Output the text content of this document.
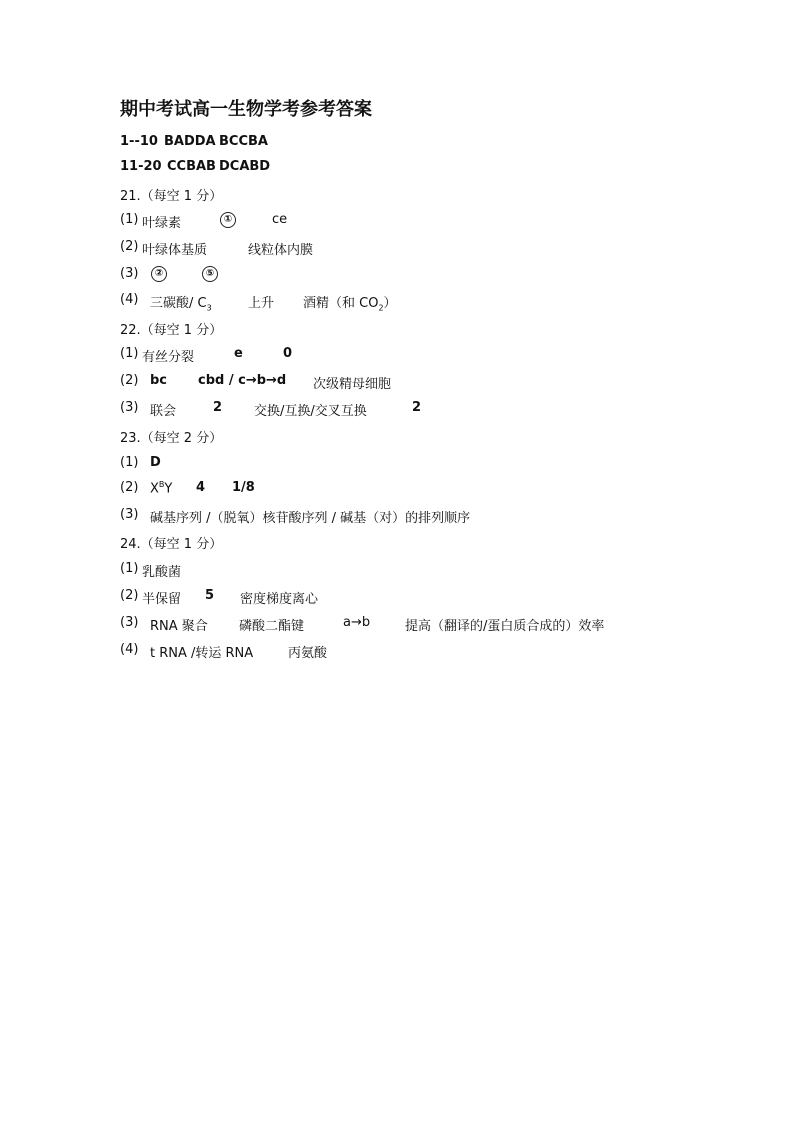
期中考试高一生物学考参考答案
1--10 BADDA BCCBA
11-20 CCBAB DCABD
21.（每空 1 分）
(1) 叶绿素	①	ce
(2) 叶绿体基质	线粒体内膜
(3)	②	⑤
(4) 三碳酸/ $C_3$	上升 酒精（和 $CO_2$）
22.（每空 1 分）
(1) 有丝分裂	e	0
(2) bc cbd / c→b→d 次级精母细胞
(3) 联会	2 交换/互换/交叉互换	2
23.（每空 2 分）
(1) D
(2) $X^BY$ 4 1/8
(3) 碱基序列 /（脱氧）核苷酸序列 / 碱基（对）的排列顺序
24.（每空 1 分）
(1) 乳酸菌
(2) 半保留 5 密度梯度离心
(3) RNA 聚合 磷酸二酯键	a→b	提高（翻译的/蛋白质合成的）效率
(4) t RNA /转运 RNA	丙氨酸
